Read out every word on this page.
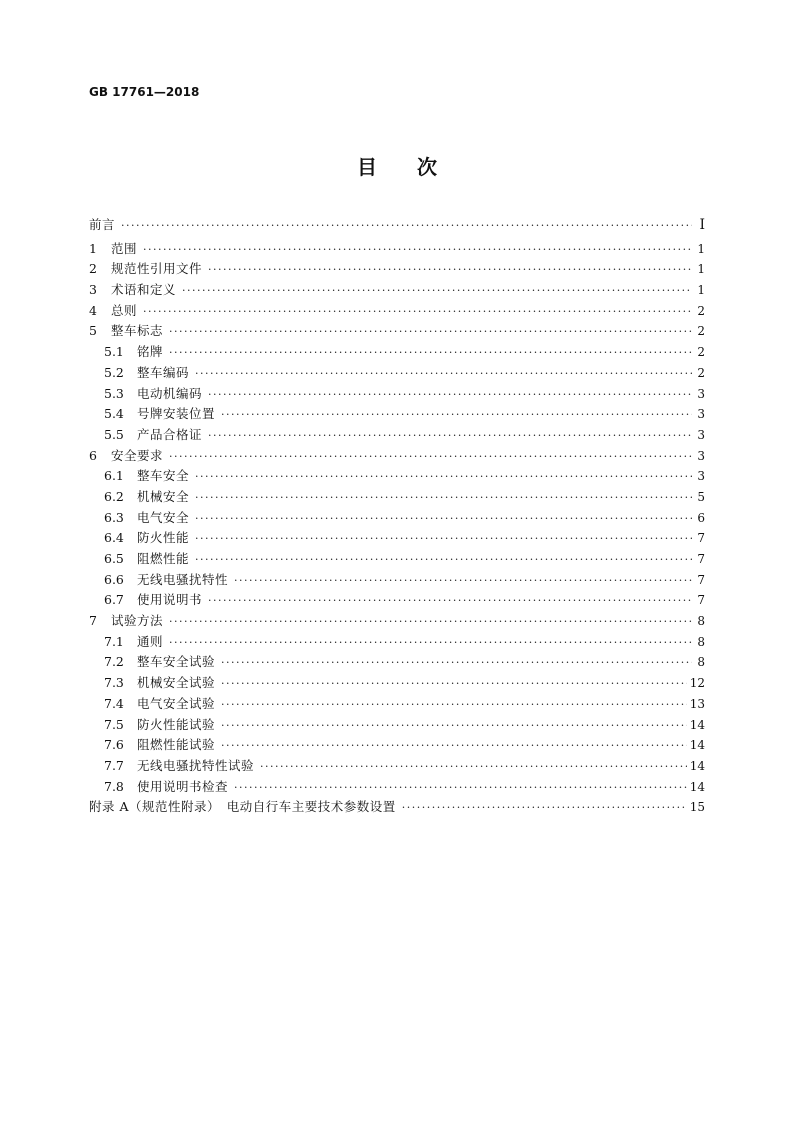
GB 17761—2018
目　　次
前言 ·····	Ⅰ
1	范围 ·····	1
2	规范性引用文件 ·····	1
3	术语和定义 ·····	1
4	总则 ·····	2
5	整车标志 ·····	2
5.1	铭牌 ·····	2
5.2	整车编码 ·····	2
5.3	电动机编码 ·····	3
5.4	号牌安装位置 ·····	3
5.5	产品合格证 ·····	3
6	安全要求 ·····	3
6.1	整车安全 ·····	3
6.2	机械安全 ·····	5
6.3	电气安全 ·····	6
6.4	防火性能 ·····	7
6.5	阻燃性能 ·····	7
6.6	无线电骚扰特性 ·····	7
6.7	使用说明书 ·····	7
7	试验方法 ·····	8
7.1	通则 ·····	8
7.2	整车安全试验 ·····	8
7.3	机械安全试验 ·····	12
7.4	电气安全试验 ·····	13
7.5	防火性能试验 ·····	14
7.6	阻燃性能试验 ·····	14
7.7	无线电骚扰特性试验 ·····	14
7.8	使用说明书检查 ·····	14
附录 A（规范性附录）　电动自行车主要技术参数设置 ·····	15
